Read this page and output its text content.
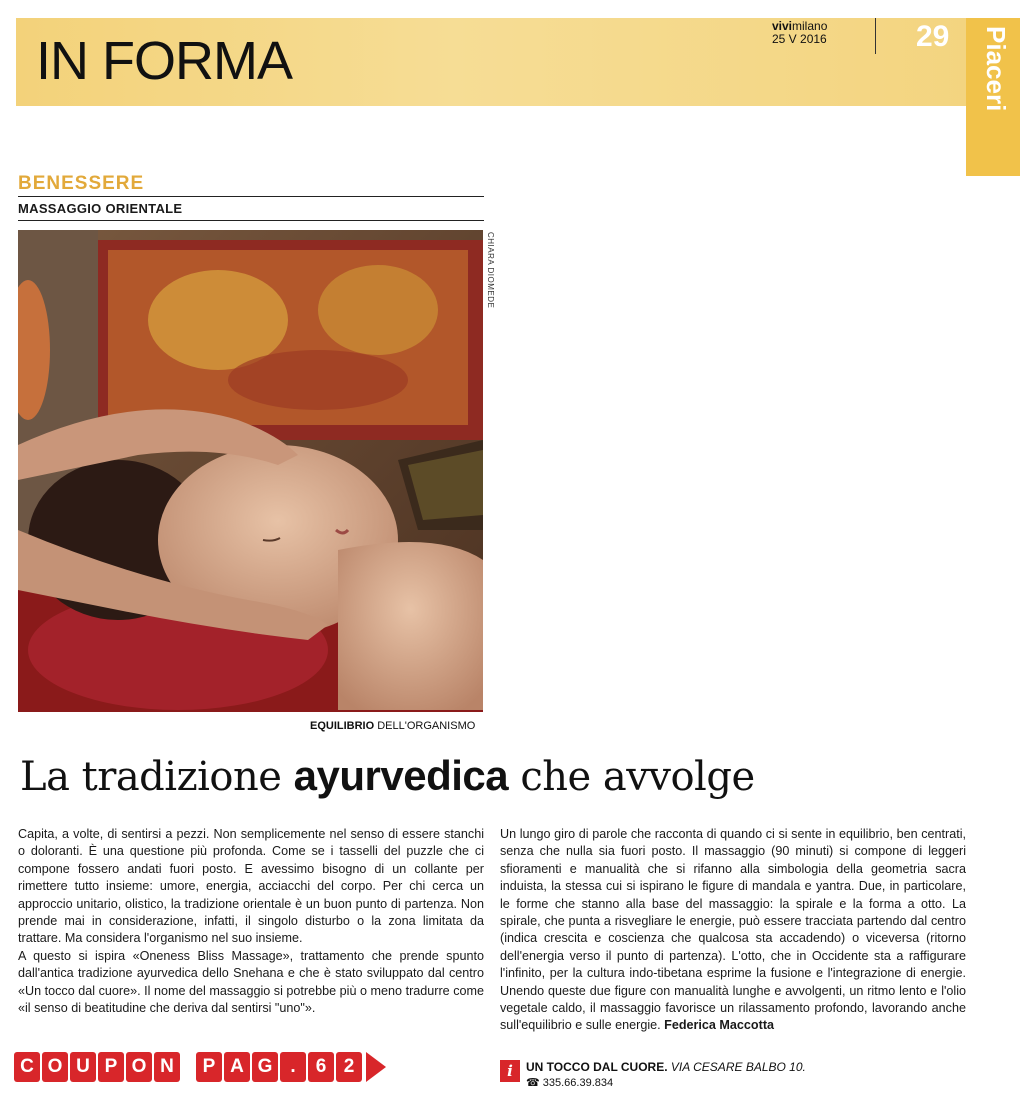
IN FORMA
vivimilano
25 V 2016	29 Piaceri
BENESSERE
MASSAGGIO ORIENTALE
CHIARA DIOMEDE
EQUILIBRIO DELL'ORGANISMO
La tradizione ayurvedica che avvolge

Capita, a volte, di sentirsi a pezzi. Non semplicemente nel senso di essere stanchi o doloranti. È una questione più profonda. Come se i tasselli del puzzle che ci compone fossero andati fuori posto. E avessimo bisogno di un collante per rimettere tutto insieme: umore, energia, acciacchi del corpo. Per chi cerca un approccio unitario, olistico, la tradizione orientale è un buon punto di partenza. Non prende mai in considerazione, infatti, il singolo disturbo o la zona limitata da trattare. Ma considera l'organismo nel suo insieme.

A questo si ispira «Oneness Bliss Massage», trattamento che prende spunto dall'antica tradizione ayurvedica dello Snehana e che è stato sviluppato dal centro «Un tocco dal cuore». Il nome del massaggio si potrebbe più o meno tradurre come «il senso di beatitudine che deriva dal sentirsi "uno"».

Un lungo giro di parole che racconta di quando ci si sente in equilibrio, ben centrati, senza che nulla sia fuori posto. Il massaggio (90 minuti) si compone di leggeri sfioramenti e manualità che si rifanno alla simbologia della geometria sacra induista, la stessa cui si ispirano le figure di mandala e yantra. Due, in particolare, le forme che stanno alla base del massaggio: la spirale e la forma a otto. La spirale, che punta a risvegliare le energie, può essere tracciata partendo dal centro (indica crescita e coscienza che qualcosa sta accadendo) o viceversa (ritorno dell'energia verso il punto di partenza). L'otto, che in Occidente sta a raffigurare l'infinito, per la cultura indo-tibetana esprime la fusione e l'integrazione di energie. Unendo queste due figure con manualità lunghe e avvolgenti, un ritmo lento e l'olio vegetale caldo, il massaggio favorisce un rilassamento profondo, lavorando anche sull'equilibrio e sulle energie. Federica Maccotta

C O U P O N	P A G .	6 2	i	UN TOCCO DAL CUORE. VIA CESARE BALBO 10.
☎ 335.66.39.834
